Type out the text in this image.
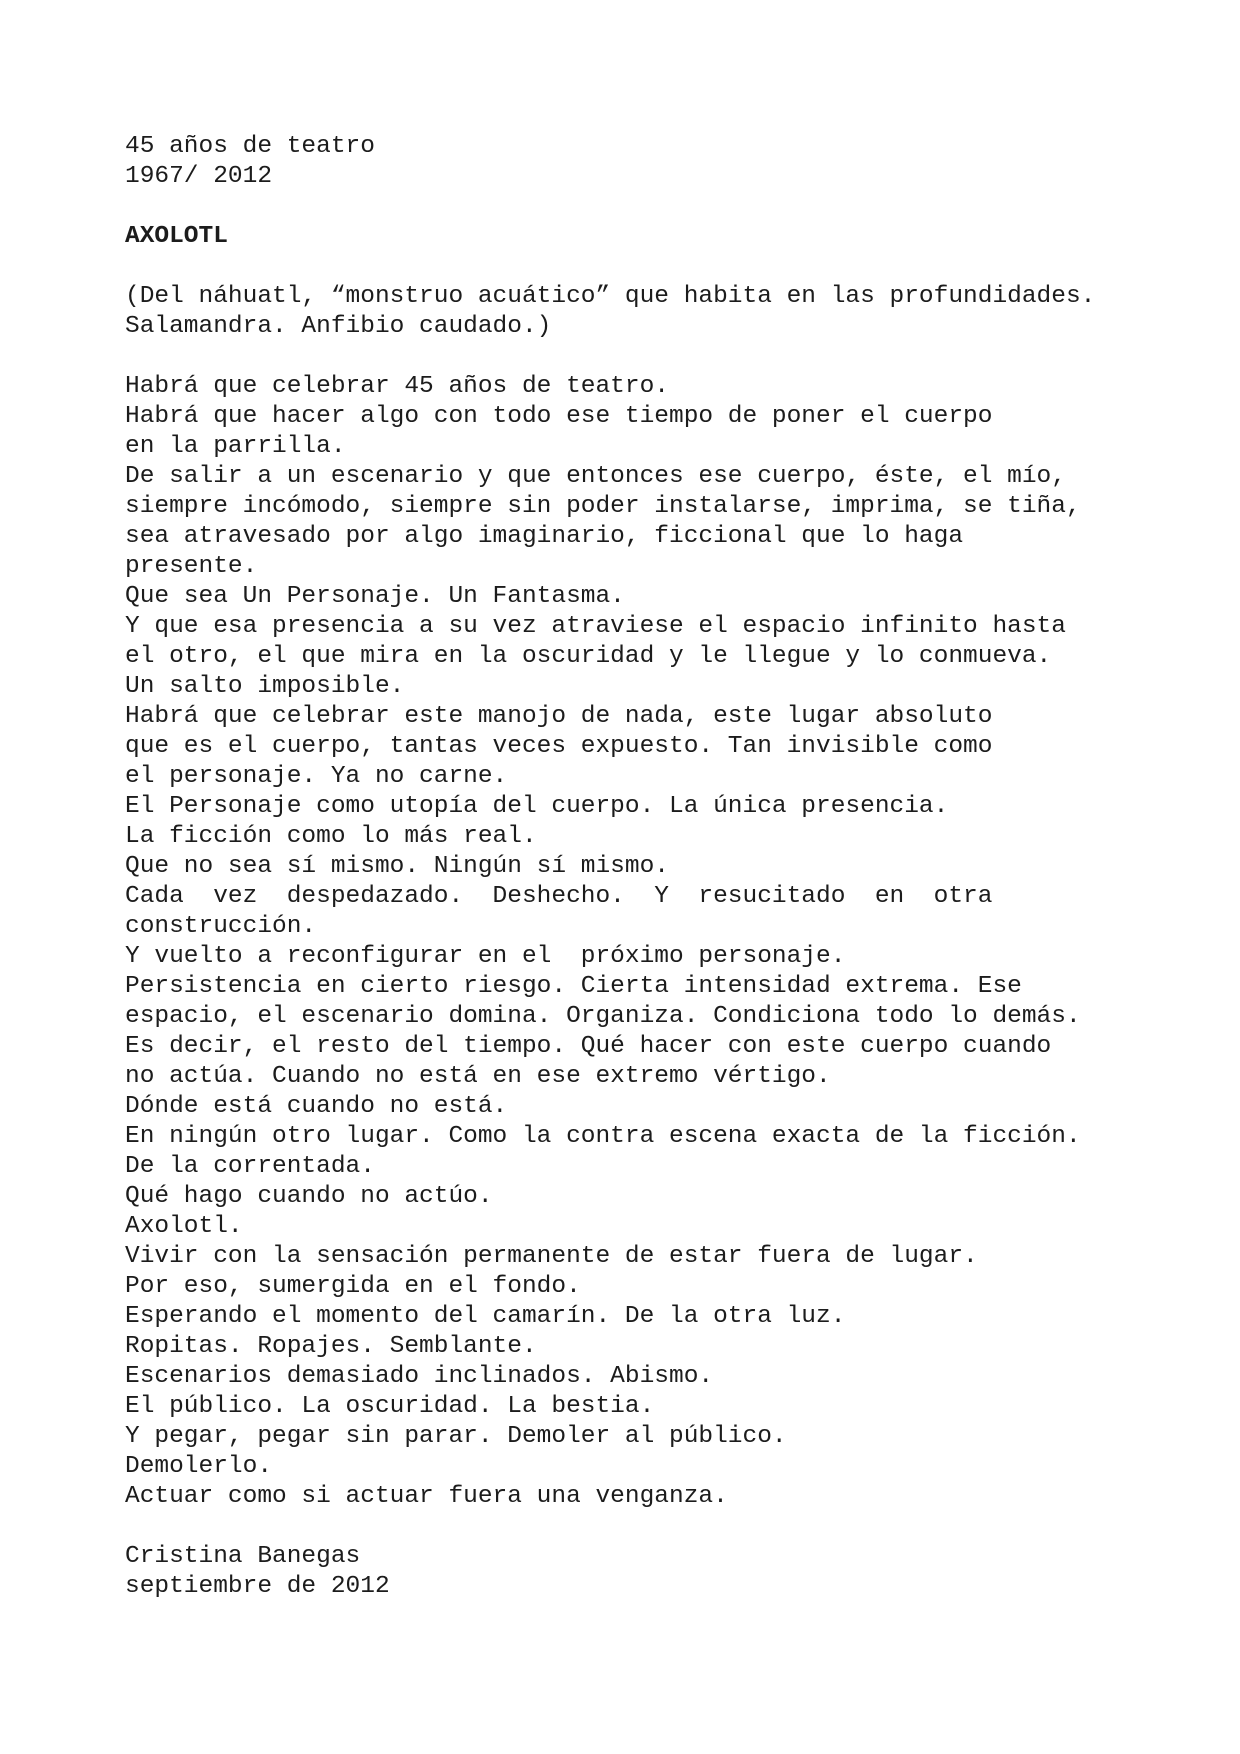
45 años de teatro
1967/ 2012
AXOLOTL
(Del náhuatl, “monstruo acuático” que habita en las profundidades.
Salamandra. Anfibio caudado.)
Habrá que celebrar 45 años de teatro.
Habrá que hacer algo con todo ese tiempo de poner el cuerpo
en la parrilla.
De salir a un escenario y que entonces ese cuerpo, éste, el mío,
siempre incómodo, siempre sin poder instalarse, imprima, se tiña,
sea atravesado por algo imaginario, ficcional que lo haga
presente.
Que sea Un Personaje. Un Fantasma.
Y que esa presencia a su vez atraviese el espacio infinito hasta
el otro, el que mira en la oscuridad y le llegue y lo conmueva.
Un salto imposible.
Habrá que celebrar este manojo de nada, este lugar absoluto
que es el cuerpo, tantas veces expuesto. Tan invisible como
el personaje. Ya no carne.
El Personaje como utopía del cuerpo. La única presencia.
La ficción como lo más real.
Que no sea sí mismo. Ningún sí mismo.
Cada  vez  despedazado.  Deshecho.  Y  resucitado  en  otra
construcción.
Y vuelto a reconfigurar en el  próximo personaje.
Persistencia en cierto riesgo. Cierta intensidad extrema. Ese
espacio, el escenario domina. Organiza. Condiciona todo lo demás.
Es decir, el resto del tiempo. Qué hacer con este cuerpo cuando
no actúa. Cuando no está en ese extremo vértigo.
Dónde está cuando no está.
En ningún otro lugar. Como la contra escena exacta de la ficción.
De la correntada.
Qué hago cuando no actúo.
Axolotl.
Vivir con la sensación permanente de estar fuera de lugar.
Por eso, sumergida en el fondo.
Esperando el momento del camarín. De la otra luz.
Ropitas. Ropajes. Semblante.
Escenarios demasiado inclinados. Abismo.
El público. La oscuridad. La bestia.
Y pegar, pegar sin parar. Demoler al público.
Demolerlo.
Actuar como si actuar fuera una venganza.
Cristina Banegas
septiembre de 2012
